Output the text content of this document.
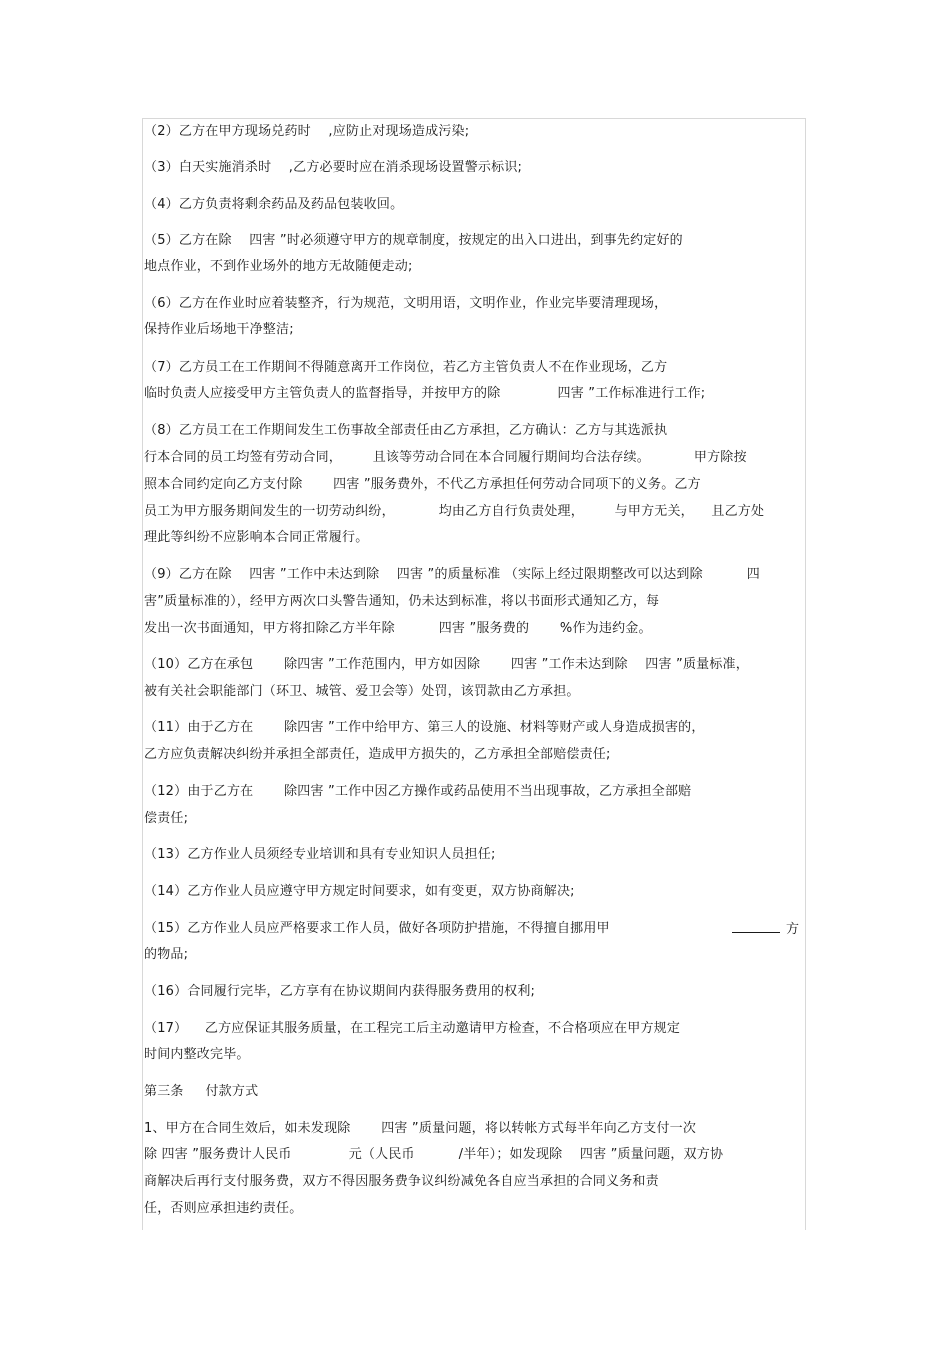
（2）乙方在甲方现场兑药时 　,应防止对现场造成污染;
（3）白天实施消杀时 　,乙方必要时应在消杀现场设置警示标识;
（4）乙方负责将剩余药品及药品包装收回。
（5）乙方在除 　四害 ”时必须遵守甲方的规章制度，按规定的出入口进出，到事先约定好的
地点作业，不到作业场外的地方无故随便走动;
（6）乙方在作业时应着装整齐，行为规范，文明用语，文明作业，作业完毕要清理现场，
保持作业后场地干净整洁;
（7）乙方员工在工作期间不得随意离开工作岗位，若乙方主管负责人不在作业现场，乙方
临时负责人应接受甲方主管负责人的监督指导，并按甲方的除 　　　　四害 ”工作标准进行工作;
（8）乙方员工在工作期间发生工伤事故全部责任由乙方承担，乙方确认：乙方与其选派执
行本合同的员工均签有劳动合同， 　　且该等劳动合同在本合同履行期间均合法存续。 　　　甲方除按
照本合同约定向乙方支付除 　　四害 ”服务费外，不代乙方承担任何劳动合同项下的义务。乙方
员工为甲方服务期间发生的一切劳动纠纷， 　　　均由乙方自行负责处理， 　　与甲方无关， 　且乙方处
理此等纠纷不应影响本合同正常履行。
（9）乙方在除 　四害 ”工作中未达到除 　四害 ”的质量标准 （实际上经过限期整改可以达到除 　　　四
害”质量标准的），经甲方两次口头警告通知，仍未达到标准，将以书面形式通知乙方，每
发出一次书面通知，甲方将扣除乙方半年除 　　　四害 ”服务费的 　　%作为违约金。
（10）乙方在承包 　　除四害 ”工作范围内，甲方如因除 　　四害 ”工作未达到除 　四害 ”质量标准，
被有关社会职能部门（环卫、城管、爱卫会等）处罚，该罚款由乙方承担。
（11）由于乙方在 　　除四害 ”工作中给甲方、第三人的设施、材料等财产或人身造成损害的，
乙方应负责解决纠纷并承担全部责任，造成甲方损失的，乙方承担全部赔偿责任;
（12）由于乙方在 　　除四害 ”工作中因乙方操作或药品使用不当出现事故，乙方承担全部赔
偿责任;
（13）乙方作业人员须经专业培训和具有专业知识人员担任;
（14）乙方作业人员应遵守甲方规定时间要求，如有变更，双方协商解决;
（15）乙方作业人员应严格要求工作人员，做好各项防护措施，不得擅自挪用甲	方
的物品;
（16）合同履行完毕，乙方享有在协议期间内获得服务费用的权利;
（17） 　乙方应保证其服务质量，在工程完工后主动邀请甲方检查，不合格项应在甲方规定
时间内整改完毕。
第三条 　 付款方式
1、甲方在合同生效后，如未发现除 　　四害 ”质量问题，将以转帐方式每半年向乙方支付一次
除 四害 ”服务费计人民币 　　　　元（人民币 　　　/半年）；如发现除 　四害 ”质量问题，双方协
商解决后再行支付服务费，双方不得因服务费争议纠纷减免各自应当承担的合同义务和责
任，否则应承担违约责任。
